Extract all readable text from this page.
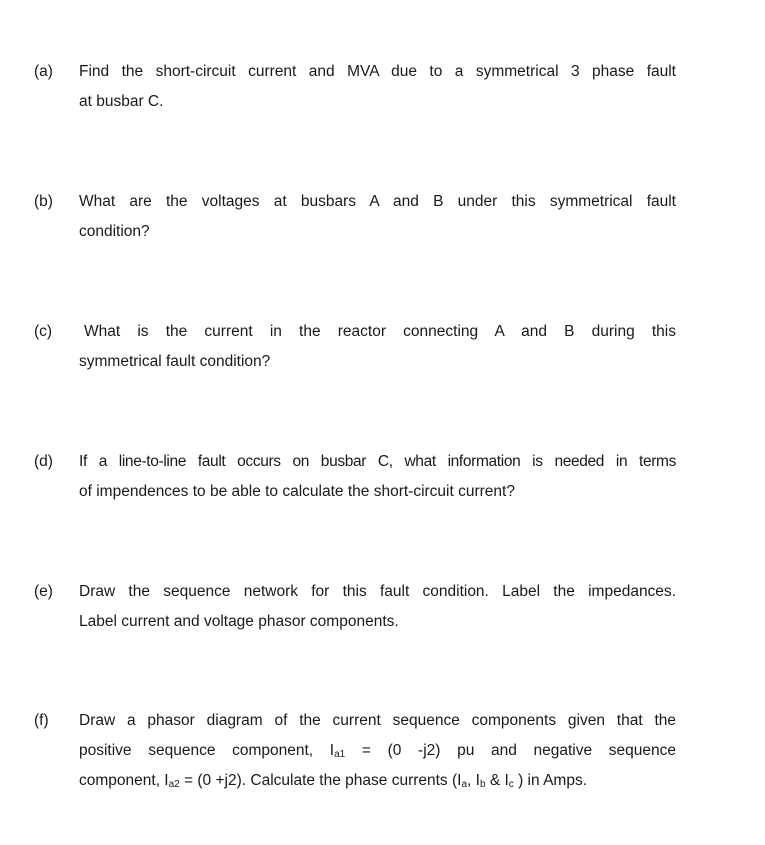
(a) Find the short-circuit current and MVA due to a symmetrical 3 phase fault
at busbar C.
(b) What are the voltages at busbars A and B under this symmetrical fault
condition?
(c) What is the current in the reactor connecting A and B during this
symmetrical fault condition?
(d) If a line-to-line fault occurs on busbar C, what information is needed in terms
of impendences to be able to calculate the short-circuit current?
(e) Draw the sequence network for this fault condition. Label the impedances.
Label current and voltage phasor components.
(f) Draw a phasor diagram of the current sequence components given that the
positive sequence component, $I_{a1} = (0$ -j2) pu and negative sequence
component, $I_{a2} = (0 +j2)$. Calculate the phase currents ($I_a$, $I_b$ & $I_c$ ) in Amps.
